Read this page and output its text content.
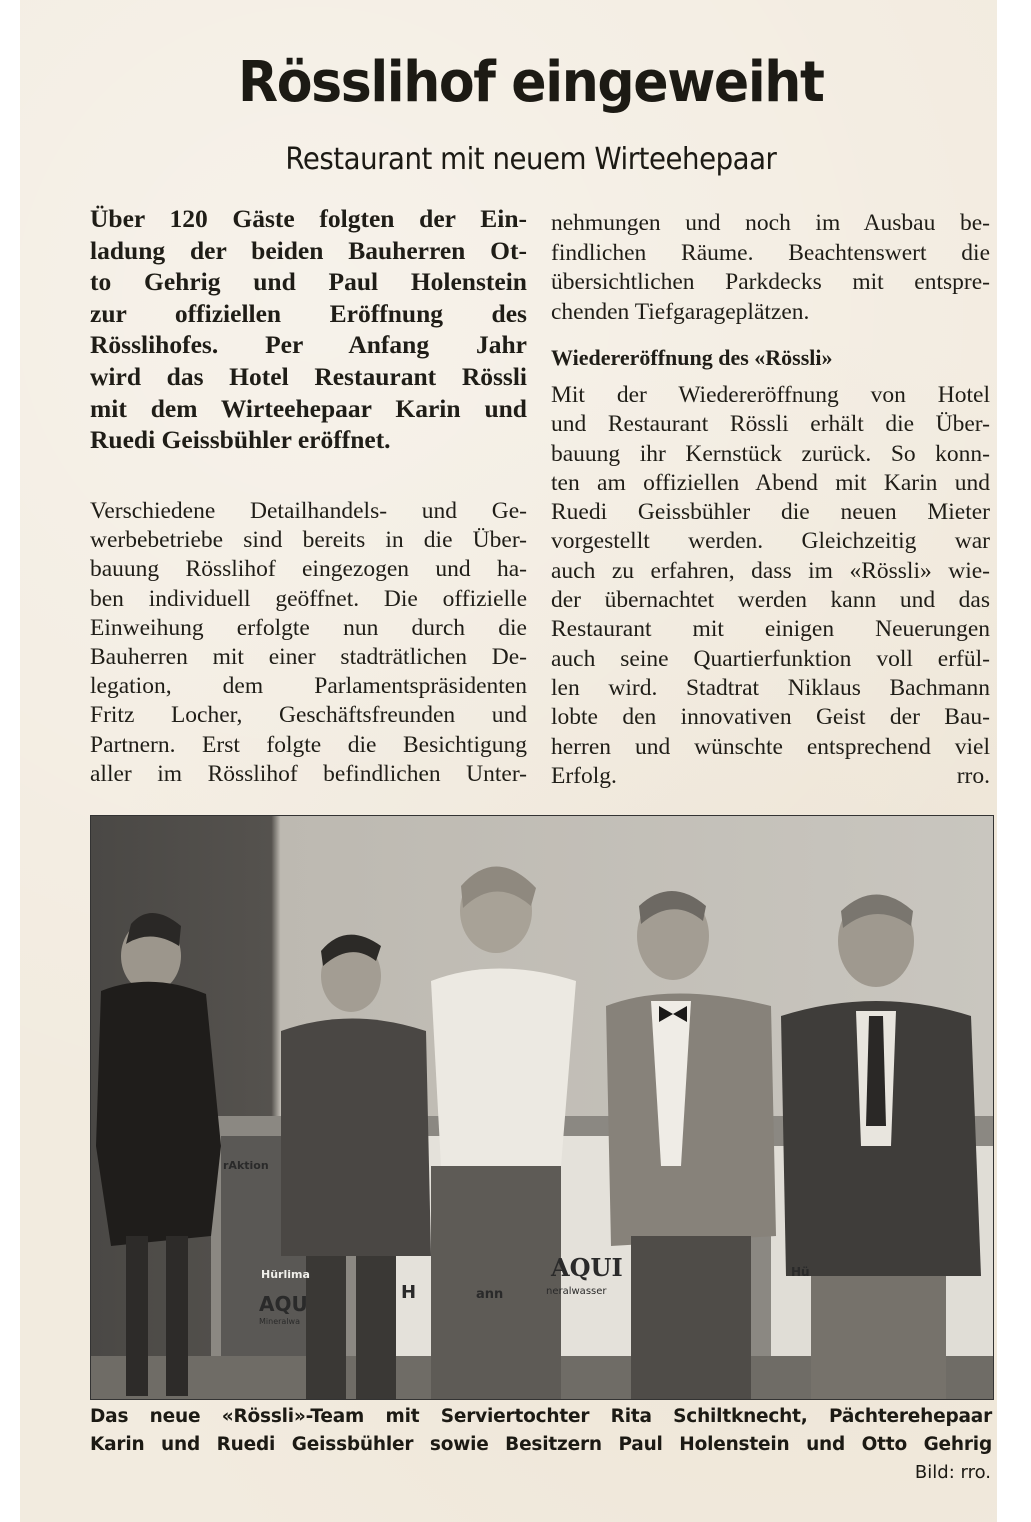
Rösslihof eingeweiht
Restaurant mit neuem Wirteehepaar
Über 120 Gäste folgten der Ein-
ladung der beiden Bauherren Ot-
to Gehrig und Paul Holenstein
zur offiziellen Eröffnung des
Rösslihofes. Per Anfang Jahr
wird das Hotel Restaurant Rössli
mit dem Wirteehepaar Karin und
Ruedi Geissbühler eröffnet.
Verschiedene Detailhandels- und Ge-
werbebetriebe sind bereits in die Über-
bauung Rösslihof eingezogen und ha-
ben individuell geöffnet. Die offizielle
Einweihung erfolgte nun durch die
Bauherren mit einer stadträtlichen De-
legation, dem Parlamentspräsidenten
Fritz Locher, Geschäftsfreunden und
Partnern. Erst folgte die Besichtigung
aller im Rösslihof befindlichen Unter-
nehmungen und noch im Ausbau be-
findlichen Räume. Beachtenswert die
übersichtlichen Parkdecks mit entspre-
chenden Tiefgarageplätzen.
Wiedereröffnung des «Rössli»
Mit der Wiedereröffnung von Hotel
und Restaurant Rössli erhält die Über-
bauung ihr Kernstück zurück. So konn-
ten am offiziellen Abend mit Karin und
Ruedi Geissbühler die neuen Mieter
vorgestellt werden. Gleichzeitig war
auch zu erfahren, dass im «Rössli» wie-
der übernachtet werden kann und das
Restaurant mit einigen Neuerungen
auch seine Quartierfunktion voll erfül-
len wird. Stadtrat Niklaus Bachmann
lobte den innovativen Geist der Bau-
herren und wünschte entsprechend viel
Erfolg.	rro.
rAktion
Hürlima
AQU
Mineralwa
H	ann
AQUI
neralwasser
Hü
Das neue «Rössli»-Team mit Serviertochter Rita Schiltknecht, Pächterehepaar
Karin und Ruedi Geissbühler sowie Besitzern Paul Holenstein und Otto Gehrig
Bild: rro.
